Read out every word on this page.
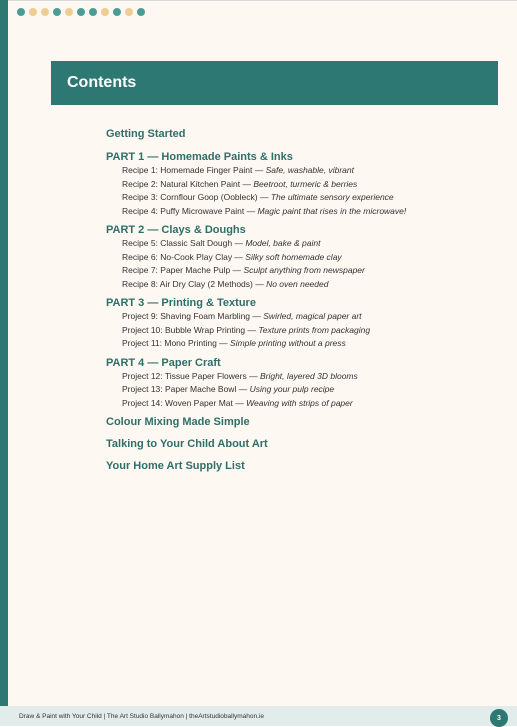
Contents
Getting Started
PART 1 — Homemade Paints & Inks
Recipe 1: Homemade Finger Paint — Safe, washable, vibrant
Recipe 2: Natural Kitchen Paint — Beetroot, turmeric & berries
Recipe 3: Cornflour Goop (Oobleck) — The ultimate sensory experience
Recipe 4: Puffy Microwave Paint — Magic paint that rises in the microwave!
PART 2 — Clays & Doughs
Recipe 5: Classic Salt Dough — Model, bake & paint
Recipe 6: No-Cook Play Clay — Silky soft homemade clay
Recipe 7: Paper Mache Pulp — Sculpt anything from newspaper
Recipe 8: Air Dry Clay (2 Methods) — No oven needed
PART 3 — Printing & Texture
Project 9: Shaving Foam Marbling — Swirled, magical paper art
Project 10: Bubble Wrap Printing — Texture prints from packaging
Project 11: Mono Printing — Simple printing without a press
PART 4 — Paper Craft
Project 12: Tissue Paper Flowers — Bright, layered 3D blooms
Project 13: Paper Mache Bowl — Using your pulp recipe
Project 14: Woven Paper Mat — Weaving with strips of paper
Colour Mixing Made Simple
Talking to Your Child About Art
Your Home Art Supply List
Draw & Paint with Your Child | The Art Studio Ballymahon | theArtstudioballymahon.ie	3
